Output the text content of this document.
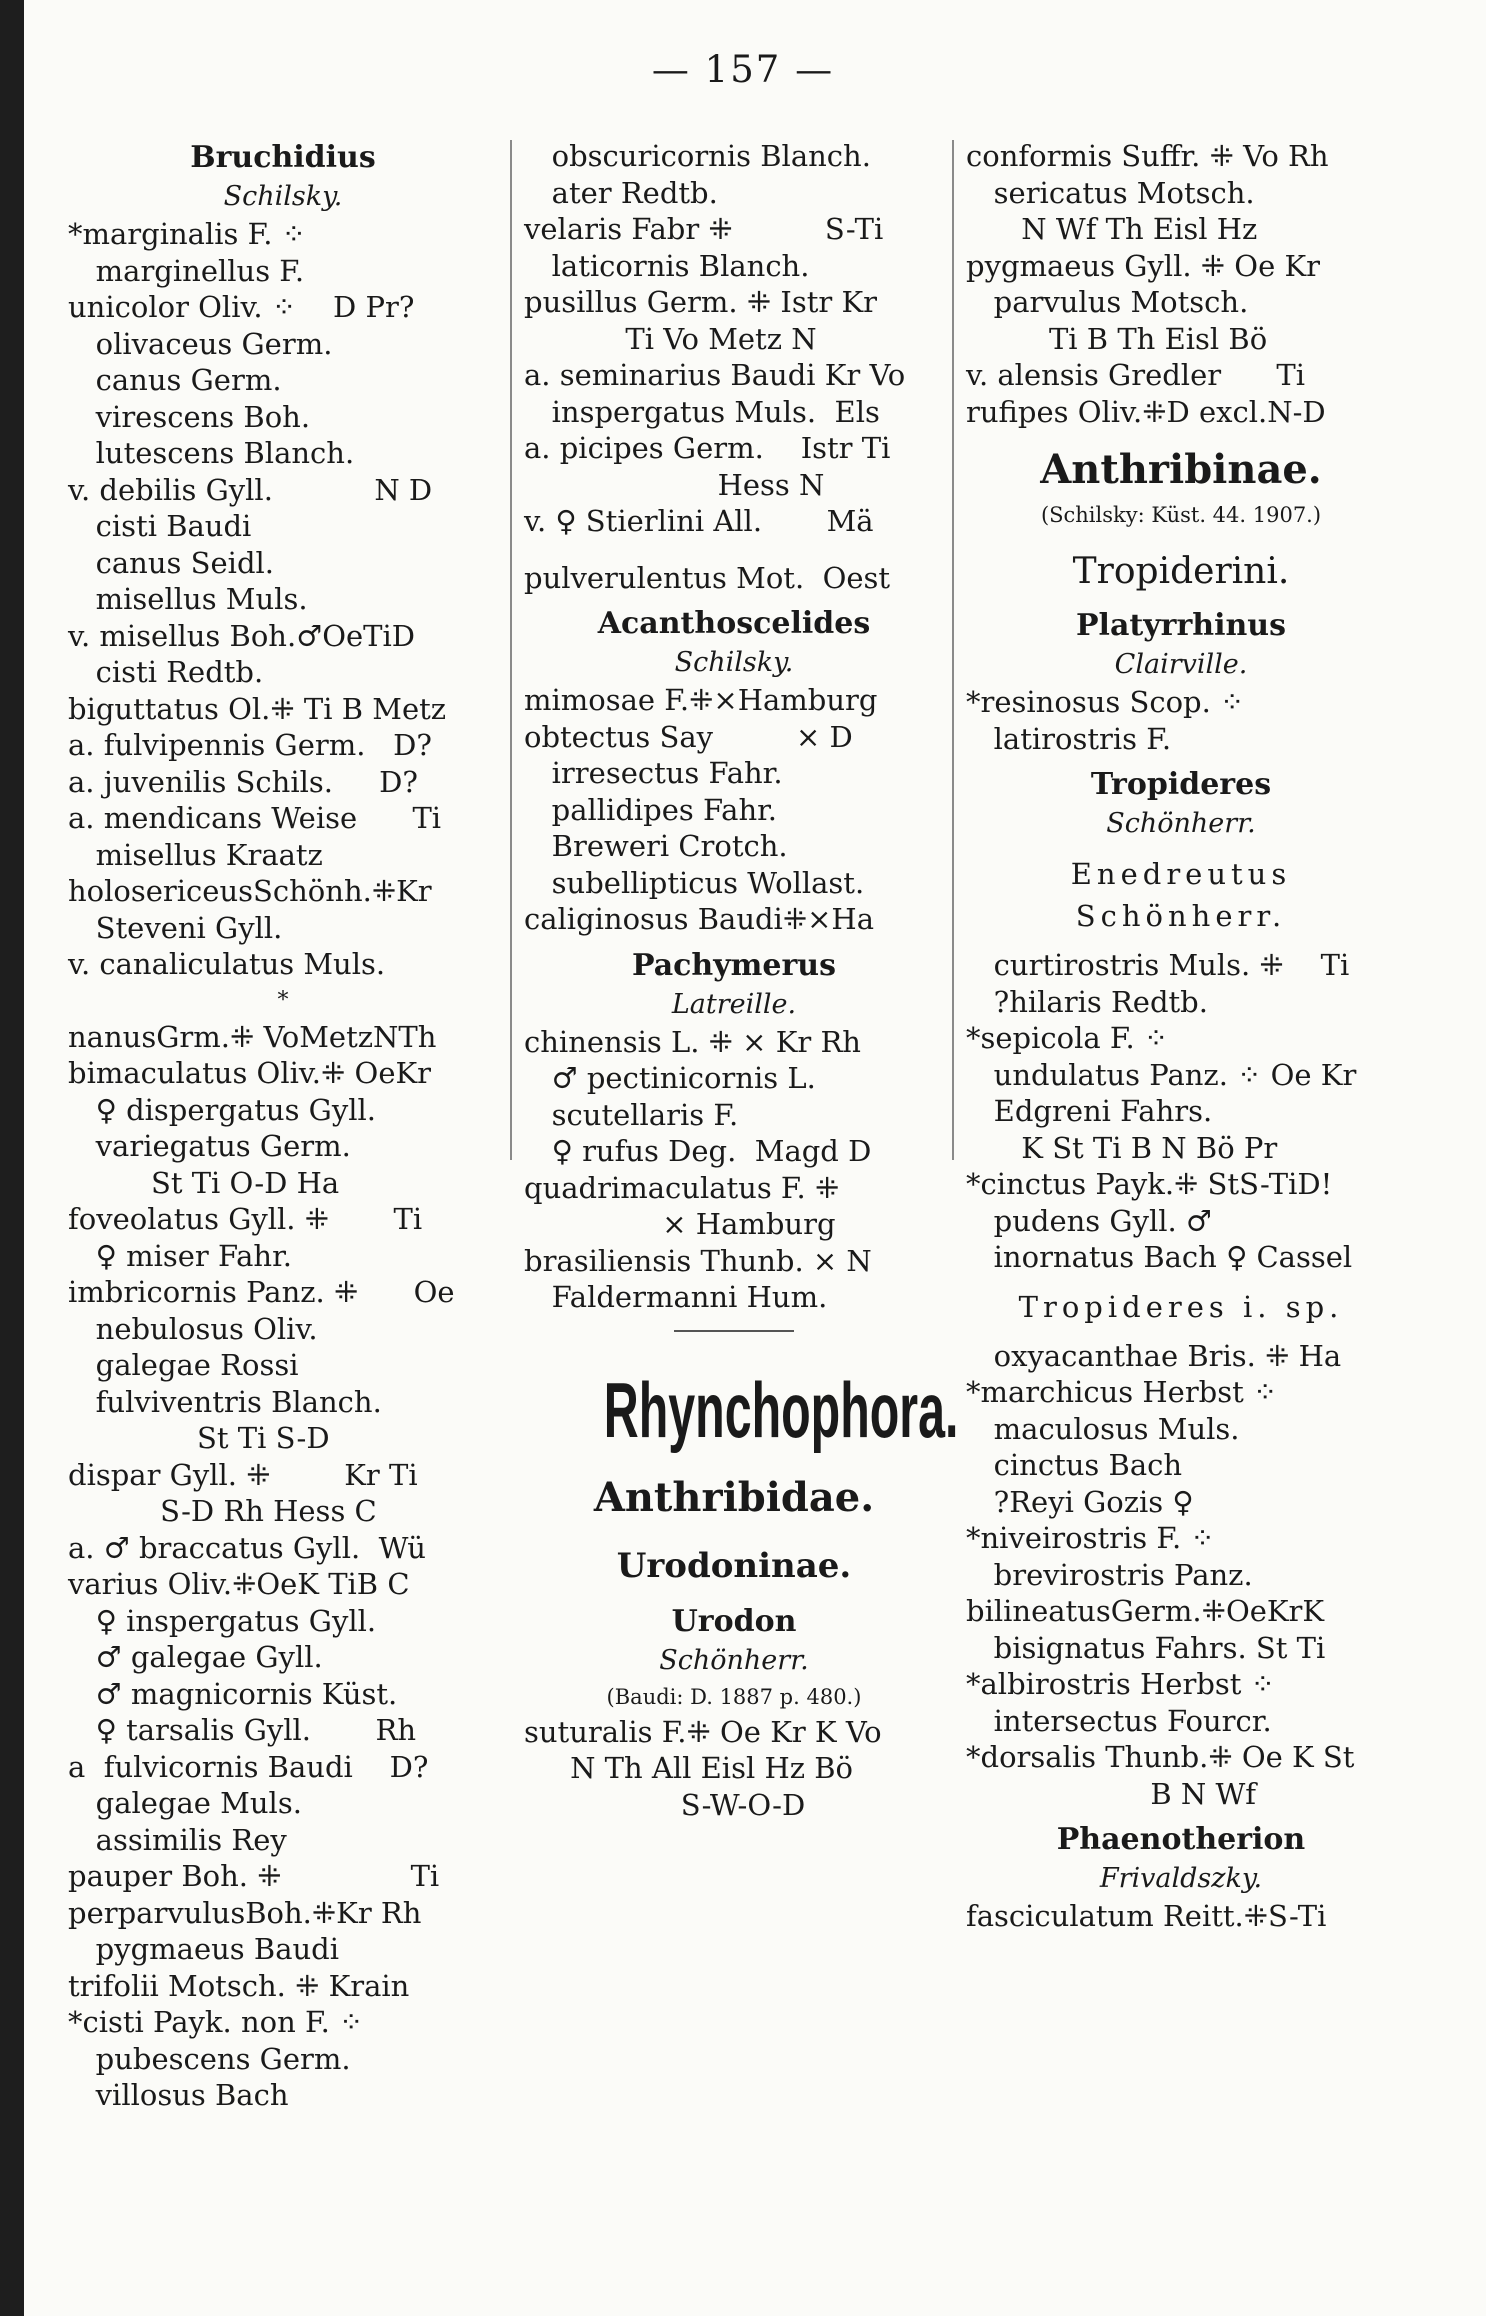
— 157 —
Bruchidius
Schilsky.

*marginalis F. ⁘

marginellus F.

unicolor Oliv. ⁘    D Pr?

olivaceus Germ.

canus Germ.

virescens Boh.

lutescens Blanch.

v. debilis Gyll.           N D

cisti Baudi

canus Seidl.

misellus Muls.

v. misellus Boh.♂OeTiD

cisti Redtb.

biguttatus Ol.⁜ Ti B Metz

a. fulvipennis Germ.   D?

a. juvenilis Schils.     D?

a. mendicans Weise      Ti

misellus Kraatz

holosericeusSchönh.⁜Kr

Steveni Gyll.

v. canaliculatus Muls.

*

nanusGrm.⁜ VoMetzNTh

bimaculatus Oliv.⁜ OeKr

♀ dispergatus Gyll.

variegatus Germ.

St Ti O-D Ha

foveolatus Gyll. ⁜       Ti

♀ miser Fahr.

imbricornis Panz. ⁜      Oe

nebulosus Oliv.

galegae Rossi

fulviventris Blanch.

St Ti S-D

dispar Gyll. ⁜        Kr Ti

S-D Rh Hess C

a. ♂ braccatus Gyll.  Wü

varius Oliv.⁜OeK TiB C

♀ inspergatus Gyll.

♂ galegae Gyll.

♂ magnicornis Küst.

♀ tarsalis Gyll.       Rh

a  fulvicornis Baudi    D?

galegae Muls.

assimilis Rey

pauper Boh. ⁜              Ti

perparvulusBoh.⁜Kr Rh

pygmaeus Baudi

trifolii Motsch. ⁜ Krain

*cisti Payk. non F. ⁘

pubescens Germ.

villosus Bach

obscuricornis Blanch.

ater Redtb.

velaris Fabr ⁜          S-Ti

laticornis Blanch.

pusillus Germ. ⁜ Istr Kr

Ti Vo Metz N

a. seminarius Baudi Kr Vo

inspergatus Muls.  Els

a. picipes Germ.    Istr Ti

Hess N

v. ♀ Stierlini All.       Mä

pulverulentus Mot.  Oest

Acanthoscelides
Schilsky.

mimosae F.⁜×Hamburg

obtectus Say         × D

irresectus Fahr.

pallidipes Fahr.

Breweri Crotch.

subellipticus Wollast.

caliginosus Baudi⁜×Ha

Pachymerus
Latreille.

chinensis L. ⁜ × Kr Rh

♂ pectinicornis L.

scutellaris F.

♀ rufus Deg.  Magd D

quadrimaculatus F. ⁜

× Hamburg

brasiliensis Thunb. × N

Faldermanni Hum.

Rhynchophora.
Anthribidae.
Urodoninae.
Urodon
Schönherr.
(Baudi: D. 1887 p. 480.)

suturalis F.⁜ Oe Kr K Vo

N Th All Eisl Hz Bö

S-W-O-D

conformis Suffr. ⁜ Vo Rh

sericatus Motsch.

N Wf Th Eisl Hz

pygmaeus Gyll. ⁜ Oe Kr

parvulus Motsch.

Ti B Th Eisl Bö

v. alensis Gredler      Ti

rufipes Oliv.⁜D excl.N-D

Anthribinae.
(Schilsky: Küst. 44. 1907.)
Tropiderini.
Platyrrhinus
Clairville.

*resinosus Scop. ⁘

latirostris F.

Tropideres
Schönherr.
Enedreutus Schönherr.

curtirostris Muls. ⁜    Ti

?hilaris Redtb.

*sepicola F. ⁘

undulatus Panz. ⁘ Oe Kr

Edgreni Fahrs.

K St Ti B N Bö Pr

*cinctus Payk.⁜ StS-TiD!

pudens Gyll. ♂

inornatus Bach ♀ Cassel

Tropideres i. sp.

oxyacanthae Bris. ⁜ Ha

*marchicus Herbst ⁘

maculosus Muls.

cinctus Bach

?Reyi Gozis ♀

*niveirostris F. ⁘

brevirostris Panz.

bilineatusGerm.⁜OeKrK

bisignatus Fahrs. St Ti

*albirostris Herbst ⁘

intersectus Fourcr.

*dorsalis Thunb.⁜ Oe K St

B N Wf

Phaenotherion
Frivaldszky.

fasciculatum Reitt.⁜S-Ti
